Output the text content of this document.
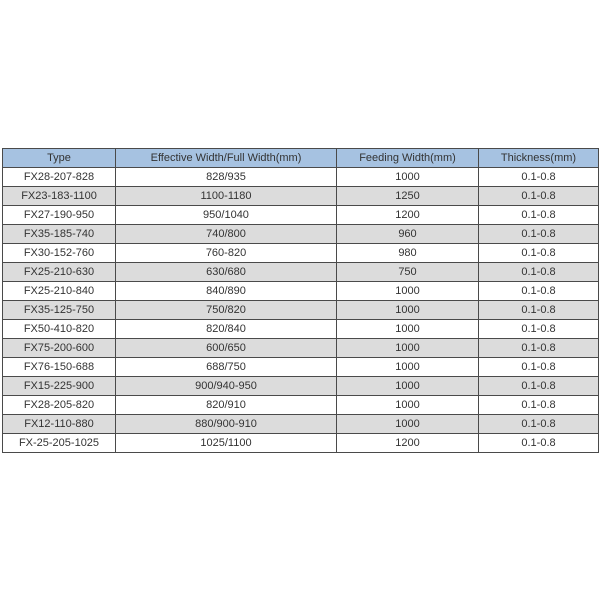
Type	Effective Width/Full Width(mm)	Feeding Width(mm)	Thickness(mm)
FX28-207-828	828/935	1000	0.1-0.8
FX23-183-1100	1100-1180	1250	0.1-0.8
FX27-190-950	950/1040	1200	0.1-0.8
FX35-185-740	740/800	960	0.1-0.8
FX30-152-760	760-820	980	0.1-0.8
FX25-210-630	630/680	750	0.1-0.8
FX25-210-840	840/890	1000	0.1-0.8
FX35-125-750	750/820	1000	0.1-0.8
FX50-410-820	820/840	1000	0.1-0.8
FX75-200-600	600/650	1000	0.1-0.8
FX76-150-688	688/750	1000	0.1-0.8
FX15-225-900	900/940-950	1000	0.1-0.8
FX28-205-820	820/910	1000	0.1-0.8
FX12-110-880	880/900-910	1000	0.1-0.8
FX-25-205-1025	1025/1100	1200	0.1-0.8
